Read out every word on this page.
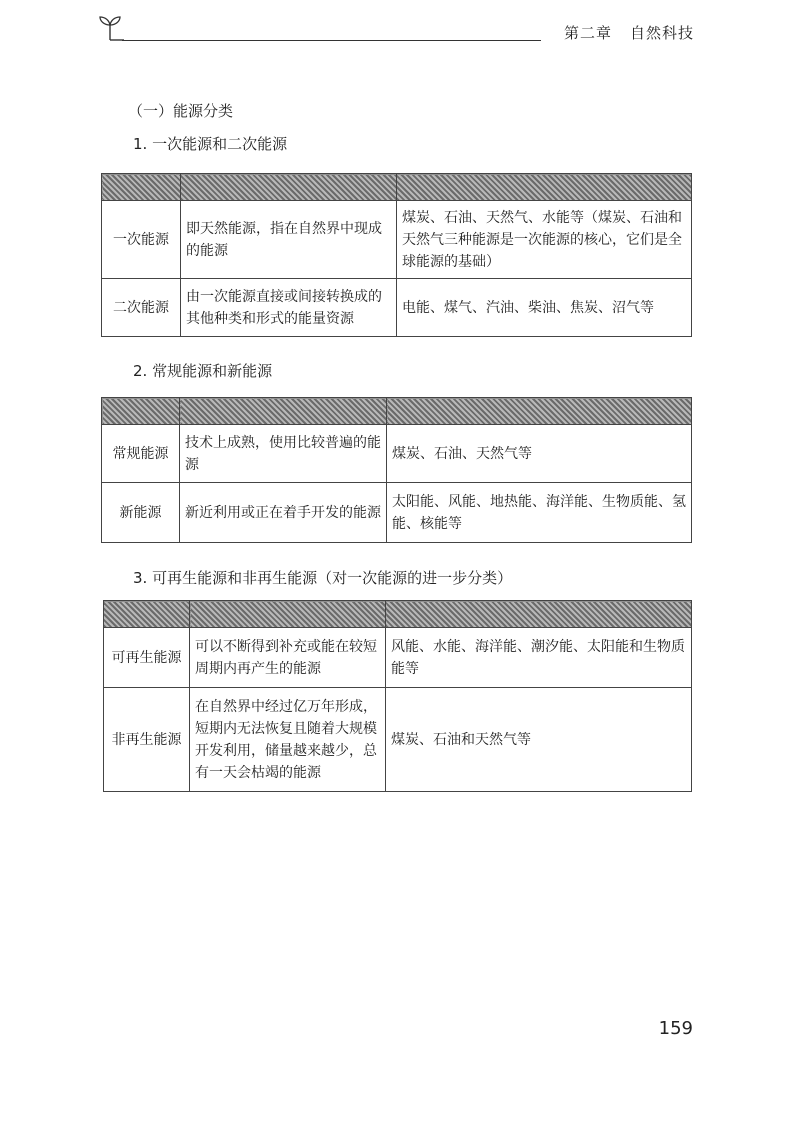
第二章 自然科技
（一）能源分类
1. 一次能源和二次能源

一次能源	即天然能源，指在自然界中现成的能源	煤炭、石油、天然气、水能等（煤炭、石油和天然气三种能源是一次能源的核心，它们是全球能源的基础）
二次能源	由一次能源直接或间接转换成的其他种类和形式的能量资源	电能、煤气、汽油、柴油、焦炭、沼气等
2. 常规能源和新能源

常规能源	技术上成熟，使用比较普遍的能源	煤炭、石油、天然气等
新能源	新近利用或正在着手开发的能源	太阳能、风能、地热能、海洋能、生物质能、氢能、核能等
3. 可再生能源和非再生能源（对一次能源的进一步分类）

可再生能源	可以不断得到补充或能在较短周期内再产生的能源	风能、水能、海洋能、潮汐能、太阳能和生物质能等
非再生能源	在自然界中经过亿万年形成，短期内无法恢复且随着大规模开发利用，储量越来越少，总有一天会枯竭的能源	煤炭、石油和天然气等
159
